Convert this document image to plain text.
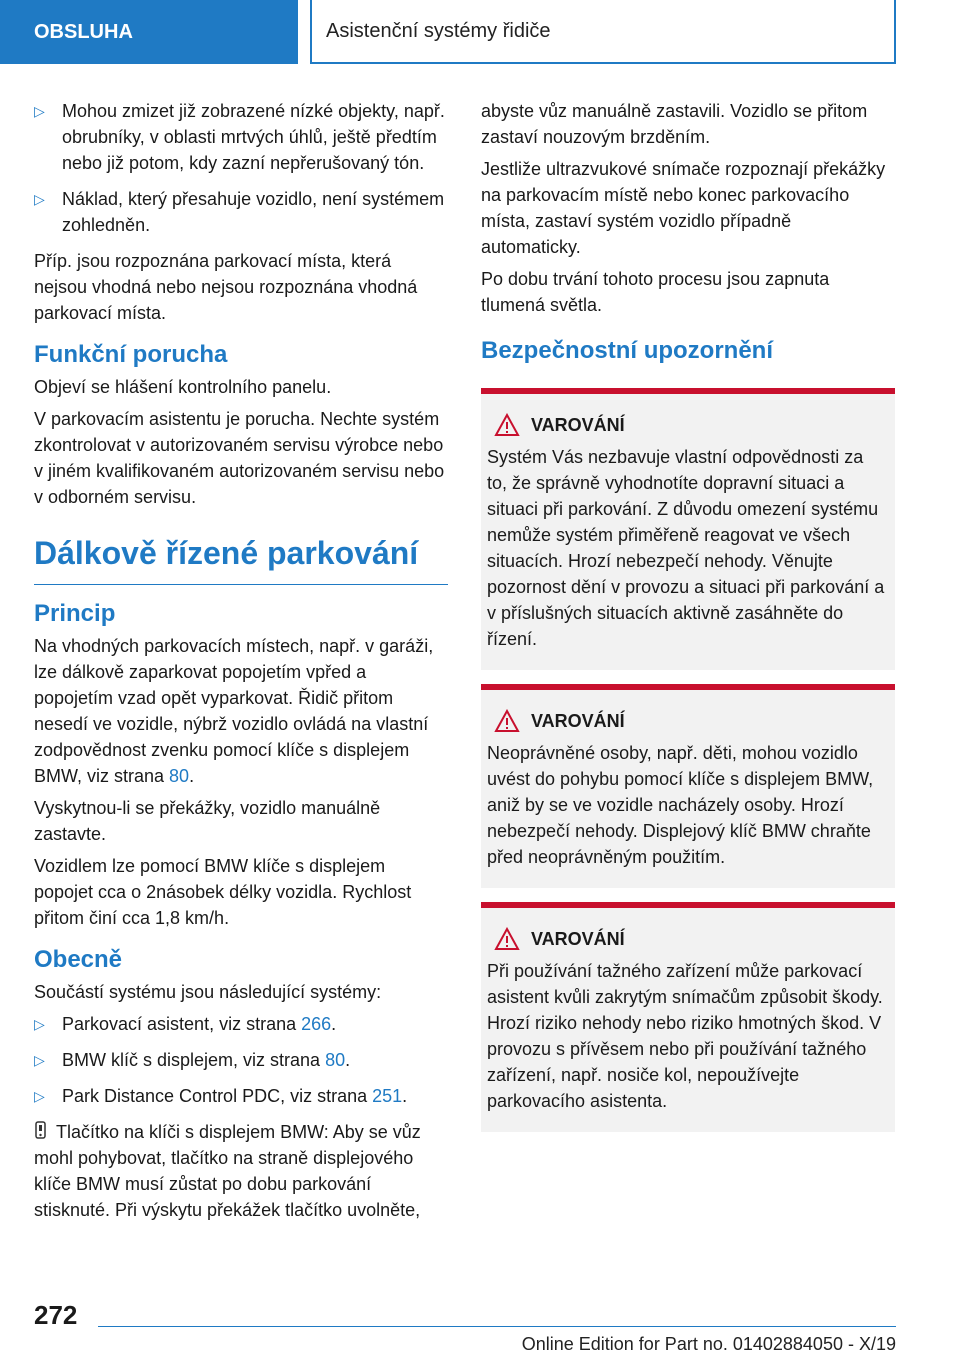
OBSLUHA	Asistenční systémy řidiče
▷ Mohou zmizet již zobrazené nízké objekty, např. obrubníky, v oblasti mrtvých úhlů, ještě předtím nebo již potom, kdy zazní nepřerušovaný tón.
▷ Náklad, který přesahuje vozidlo, není systémem zohledněn.

Příp. jsou rozpoznána parkovací místa, která nejsou vhodná nebo nejsou rozpoznána vhodná parkovací místa.

Funkční porucha

Objeví se hlášení kontrolního panelu.

V parkovacím asistentu je porucha. Nechte systém zkontrolovat v autorizovaném servisu výrobce nebo v jiném kvalifikovaném autorizovaném servisu nebo v odborném servisu.

Dálkově řízené parkování
Princip

Na vhodných parkovacích místech, např. v garáži, lze dálkově zaparkovat popojetím vpřed a popojetím vzad opět vyparkovat. Řidič přitom nesedí ve vozidle, nýbrž vozidlo ovládá na vlastní zodpovědnost zvenku pomocí klíče s displejem BMW, viz strana 80.

Vyskytnou-li se překážky, vozidlo manuálně zastavte.

Vozidlem lze pomocí BMW klíče s displejem popojet cca o 2násobek délky vozidla. Rychlost přitom činí cca 1,8 km/h.

Obecně

Součástí systému jsou následující systémy:

▷ Parkovací asistent, viz strana 266.
▷ BMW klíč s displejem, viz strana 80.
▷ Park Distance Control PDC, viz strana 251.

Tlačítko na klíči s displejem BMW: Aby se vůz mohl pohybovat, tlačítko na straně displejového klíče BMW musí zůstat po dobu parkování stisknuté. Při výskytu překážek tlačítko uvolněte,

abyste vůz manuálně zastavili. Vozidlo se přitom zastaví nouzovým brzděním.

Jestliže ultrazvukové snímače rozpoznají překážky na parkovacím místě nebo konec parkovacího místa, zastaví systém vozidlo případně automaticky.

Po dobu trvání tohoto procesu jsou zapnuta tlumená světla.

Bezpečnostní upozornění
VAROVÁNÍ

Systém Vás nezbavuje vlastní odpovědnosti za to, že správně vyhodnotíte dopravní situaci a situaci při parkování. Z důvodu omezení systému nemůže systém přiměřeně reagovat ve všech situacích. Hrozí nebezpečí nehody. Věnujte pozornost dění v provozu a situaci při parkování a v příslušných situacích aktivně zasáhněte do řízení.

VAROVÁNÍ

Neoprávněné osoby, např. děti, mohou vozidlo uvést do pohybu pomocí klíče s displejem BMW, aniž by se ve vozidle nacházely osoby. Hrozí nebezpečí nehody. Displejový klíč BMW chraňte před neoprávněným použitím.

VAROVÁNÍ

Při používání tažného zařízení může parkovací asistent kvůli zakrytým snímačům způsobit škody. Hrozí riziko nehody nebo riziko hmotných škod. V provozu s přívěsem nebo při používání tažného zařízení, např. nosiče kol, nepoužívejte parkovacího asistenta.

272
Online Edition for Part no. 01402884050 - X/19
